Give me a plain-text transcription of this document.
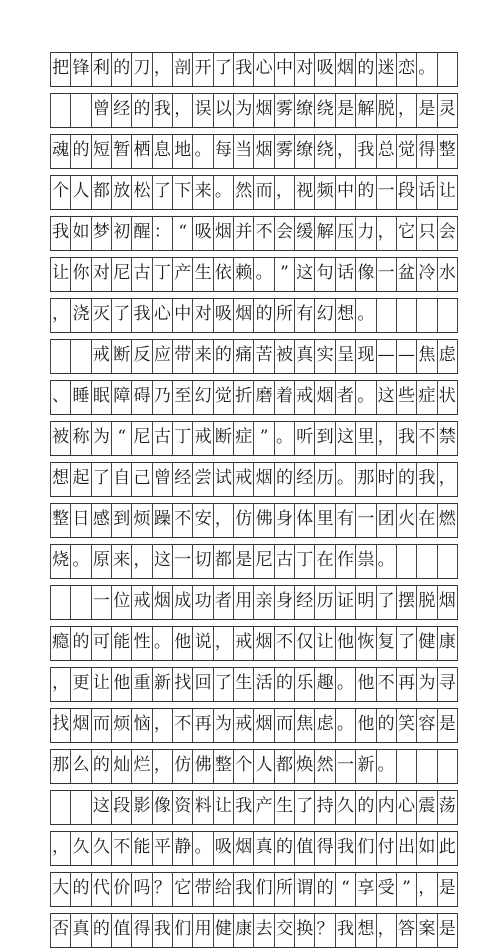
把 锋 利 的 刀 ， 剖 开 了 我 心 中 对 吸 烟 的 迷 恋 。
曾 经 的 我 ， 误 以 为 烟 雾 缭 绕 是 解 脱 ， 是 灵
魂 的 短 暂 栖 息 地 。 每 当 烟 雾 缭 绕 ， 我 总 觉 得 整
个 人 都 放 松 了 下 来 。 然 而 ， 视 频 中 的 一 段 话 让
我 如 梦 初 醒 ： “ 吸 烟 并 不 会 缓 解 压 力 ， 它 只 会
让 你 对 尼 古 丁 产 生 依 赖 。 ” 这 句 话 像 一 盆 冷 水
， 浇 灭 了 我 心 中 对 吸 烟 的 所 有 幻 想 。
戒 断 反 应 带 来 的 痛 苦 被 真 实 呈 现 — — 焦 虑
、 睡 眠 障 碍 乃 至 幻 觉 折 磨 着 戒 烟 者 。 这 些 症 状
被 称 为 “ 尼 古 丁 戒 断 症 ” 。 听 到 这 里 ， 我 不 禁
想 起 了 自 己 曾 经 尝 试 戒 烟 的 经 历 。 那 时 的 我 ，
整 日 感 到 烦 躁 不 安 ， 仿 佛 身 体 里 有 一 团 火 在 燃
烧 。 原 来 ， 这 一 切 都 是 尼 古 丁 在 作 祟 。
一 位 戒 烟 成 功 者 用 亲 身 经 历 证 明 了 摆 脱 烟
瘾 的 可 能 性 。 他 说 ， 戒 烟 不 仅 让 他 恢 复 了 健 康
， 更 让 他 重 新 找 回 了 生 活 的 乐 趣 。 他 不 再 为 寻
找 烟 而 烦 恼 ， 不 再 为 戒 烟 而 焦 虑 。 他 的 笑 容 是
那 么 的 灿 烂 ， 仿 佛 整 个 人 都 焕 然 一 新 。
这 段 影 像 资 料 让 我 产 生 了 持 久 的 内 心 震 荡
， 久 久 不 能 平 静 。 吸 烟 真 的 值 得 我 们 付 出 如 此
大 的 代 价 吗 ？ 它 带 给 我 们 所 谓 的 “ 享 受 ” ， 是
否 真 的 值 得 我 们 用 健 康 去 交 换 ？ 我 想 ， 答 案 是
